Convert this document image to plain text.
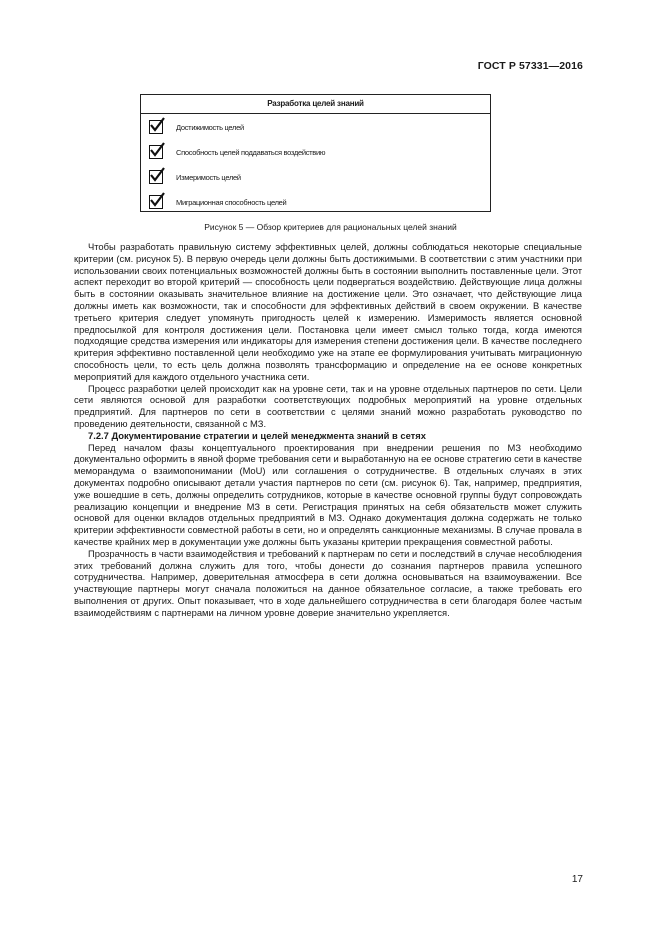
ГОСТ Р 57331—2016
Разработка целей знаний
Достижимость целей
Способность целей поддаваться воздействию
Измеримость целей
Миграционная способность целей
Рисунок 5 — Обзор критериев для рациональных целей знаний

Чтобы разработать правильную систему эффективных целей, должны соблюдаться некоторые специальные критерии (см. рисунок 5). В первую очередь цели должны быть достижимыми. В соответствии с этим участники при использовании своих потенциальных возможностей должны быть в состоянии выполнить поставленные цели. Этот аспект переходит во второй критерий — способность цели подвергаться воздействию. Действующие лица должны быть в состоянии оказывать значительное влияние на достижение цели. Это означает, что действующие лица должны иметь как возможности, так и способности для эффективных действий в своем окружении. В качестве третьего критерия следует упомянуть пригодность целей к измерению. Измеримость является основной предпосылкой для контроля достижения цели. Постановка цели имеет смысл только тогда, когда имеются подходящие средства измерения или индикаторы для измерения степени достижения цели. В качестве последнего критерия эффективно поставленной цели необходимо уже на этапе ее формулирования учитывать миграционную способность цели, то есть цель должна позволять трансформацию и определение на ее основе конкретных мероприятий для каждого отдельного участника сети.

Процесс разработки целей происходит как на уровне сети, так и на уровне отдельных партнеров по сети. Цели сети являются основой для разработки соответствующих подробных мероприятий на уровне отдельных предприятий. Для партнеров по сети в соответствии с целями знаний можно разработать руководство по проведению деятельности, связанной с МЗ.

7.2.7 Документирование стратегии и целей менеджмента знаний в сетях

Перед началом фазы концептуального проектирования при внедрении решения по МЗ необходимо документально оформить в явной форме требования сети и выработанную на ее основе стратегию сети в качестве меморандума о взаимопонимании (MoU) или соглашения о сотрудничестве. В отдельных случаях в этих документах подробно описывают детали участия партнеров по сети (см. рисунок 6). Так, например, предприятия, уже вошедшие в сеть, должны определить сотрудников, которые в качестве основной группы будут сопровождать реализацию концепции и внедрение МЗ в сети. Регистрация принятых на себя обязательств может служить основой для оценки вкладов отдельных предприятий в МЗ. Однако документация должна содержать не только критерии эффективности совместной работы в сети, но и определять санкционные механизмы. В случае провала в качестве крайних мер в документации уже должны быть указаны критерии прекращения совместной работы.

Прозрачность в части взаимодействия и требований к партнерам по сети и последствий в случае несоблюдения этих требований должна служить для того, чтобы донести до сознания партнеров правила успешного сотрудничества. Например, доверительная атмосфера в сети должна основываться на взаимоуважении. Все участвующие партнеры могут сначала положиться на данное обязательное согласие, а также требовать его выполнения от других. Опыт показывает, что в ходе дальнейшего сотрудничества в сети благодаря более частым взаимодействиям с партнерами на личном уровне доверие значительно укрепляется.

17
